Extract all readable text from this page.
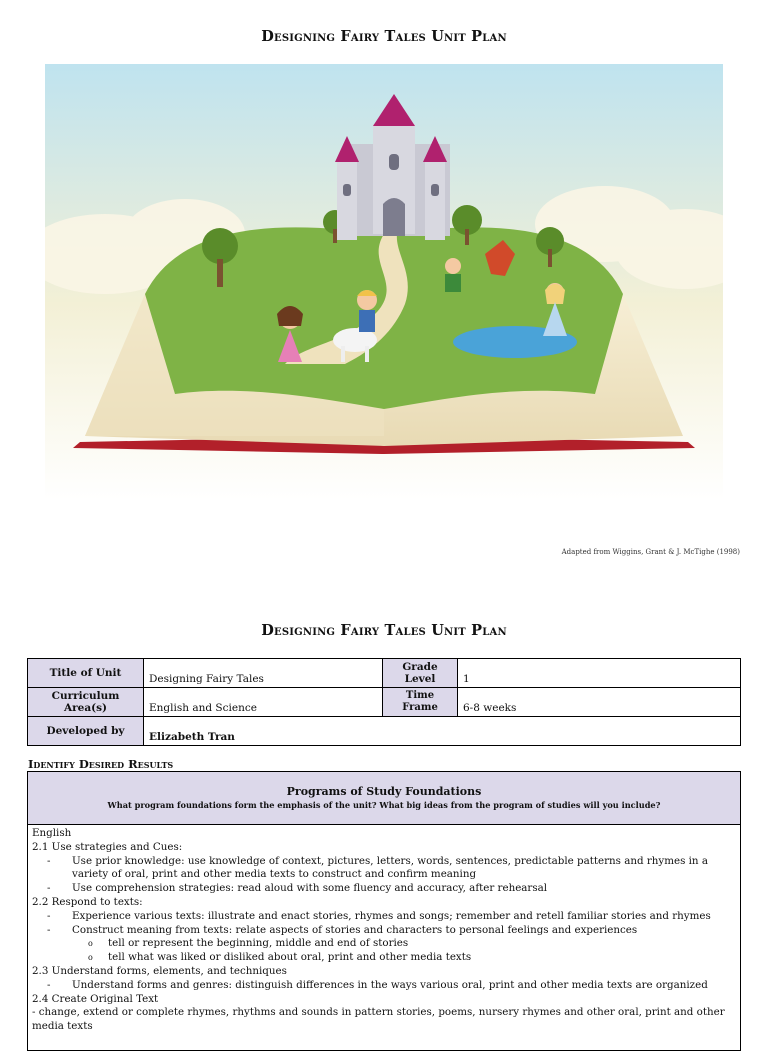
Designing Fairy Tales Unit Plan
Adapted from Wiggins, Grant & J. McTighe (1998)
Designing Fairy Tales Unit Plan
Title of Unit	Designing Fairy Tales	Grade Level	1
Curriculum Area(s)	English and Science	Time Frame	6-8 weeks
Developed by	Elizabeth Tran		
Identify Desired Results
Programs of Study Foundations
What program foundations form the emphasis of the unit? What big ideas from the program of studies will you include?
English
2.1 Use strategies and Cues:
-	Use prior knowledge: use knowledge of context, pictures, letters, words, sentences, predictable patterns and rhymes in a variety of oral, print and other media texts to construct and confirm meaning
-	Use comprehension strategies: read aloud with some fluency and accuracy, after rehearsal
2.2 Respond to texts:
-	Experience various texts: illustrate and enact stories, rhymes and songs; remember and retell familiar stories and rhymes
-	Construct meaning from texts: relate aspects of stories and characters to personal feelings and experiences
o	tell or represent the beginning, middle and end of stories
o	tell what was liked or disliked about oral, print and other media texts
2.3 Understand forms, elements, and techniques
-	Understand forms and genres: distinguish differences in the ways various oral, print and other media texts are organized
2.4 Create Original Text
- change, extend or complete rhymes, rhythms and sounds in pattern stories, poems, nursery rhymes and other oral, print and other media texts
